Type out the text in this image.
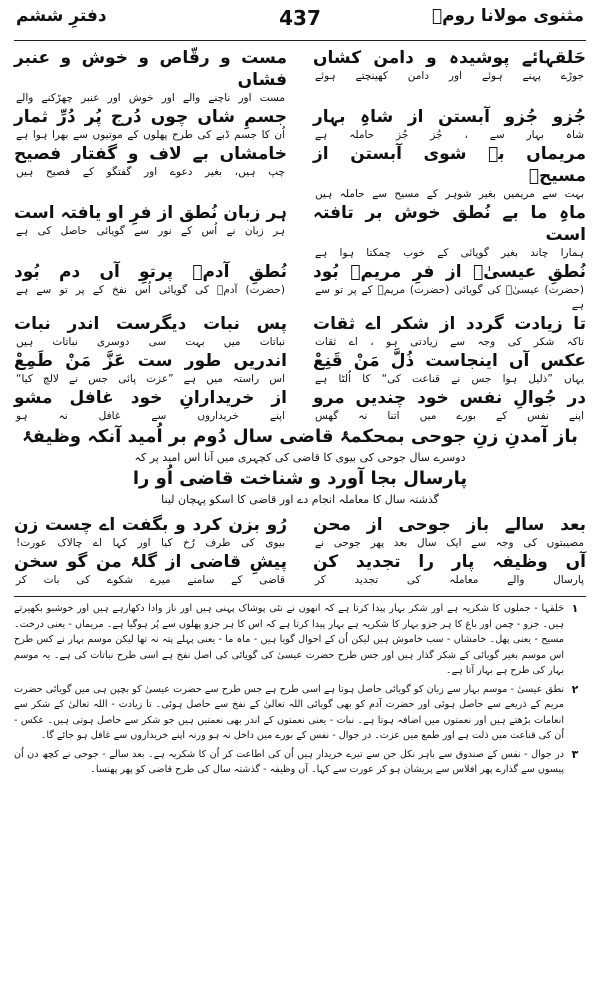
مثنوی مولانا رومؒ
437
دفترِ ششم
حَلقہائے پوشیدہ و دامن کشاں
جوڑے پہنے ہوئے اور دامن کھینچتے ہوئے
مست و رقّاص و خوش و عنبر فشاں
مست اور ناچنے والے اور خوش اور عنبر چھڑکنے والے
جُزو جُزو آبستن از شاہِ بہار
شاہ بہار سے ، جُز جُز حاملہ ہے
جسمِ شاں چوں دُرج پُر دُرِّ ثمار
اُن کا جسم ڈبے کی طرح پھلوں کے موتیوں سے بھرا ہوا ہے
مریماں بے شوی آبستن از مسیحؑ
بہت سے مریمیں بغیر شوہر کے مسیح سے حاملہ ہیں
خامشاں بے لاف و گفتار فصیح
چپ ہیں، بغیر دعوے اور گفتگو کے فصیح ہیں
ماہِ ما بے نُطق خوش بر تافتہ است
ہمارا چاند بغیر گویائی کے خوب چمکتا ہوا ہے
ہر زبان نُطق از فرِ او یافتہ است
ہر زبان نے اُس کے نور سے گویائی حاصل کی ہے
نُطقِ عیسیٰؑ از فرِ مریمؑ بُود
(حضرت) عیسیٰؑ کی گویائی (حضرت) مریمؑ کے پر تو سے ہے
نُطقِ آدمؑ پرتوِ آں دم بُود
(حضرت) آدمؑ کی گویائی اُس نفخ کے پر تو سے ہے
تا زیادت گردد از شکر اے ثقات
تاکہ شکر کی وجہ سے زیادتی ہو ، اے ثقات
پس نبات دیگرست اندر نبات
نباتات میں بہت سی دوسری نباتات ہیں
عکس آں اینجاست ذُلَّ مَنْ قَنِعْ
یہاں ”ذلیل ہوا جس نے قناعت کی“ کا اُلٹا ہے
اندریں طور ست عَزَّ مَنْ طَمِعْ
اس راستہ میں ہے ”عزت پائی جس نے لالچ کیا“
در جُوالِ نفس خود چندیں مرو
اپنے نفس کے بورے میں اتنا نہ گھس
از خریدارانِ خود غافل مشو
اپنے خریداروں سے غافل نہ ہو
باز آمدنِ زنِ جوحی بمحکمۂ قاضی سال دُوم بر اُمید آنکہ وظیفۂ
دوسرے سال جوحی کی بیوی کا قاضی کی کچہری میں آنا اس امید پر کہ
پارسال بجا آورد و شناخت قاضی اُو را
گذشتہ سال کا معاملہ انجام دے اور قاضی کا اسکو پہچان لینا
بعد سالے باز جوحی از محن
مصیبتوں کی وجہ سے ایک سال بعد پھر جوحی نے
رُو بزن کرد و بگفت اے چست زن
بیوی کی طرف رُخ کیا اور کہا اے چالاک عورت!
آں وظیفہ پار را تجدید کن
پارسال والے معاملہ کی تجدید کر
پیشِ قاضی از گلۂ من گو سخن
قاضی کے سامنے میرے شکوے کی بات کر
۱
حَلقہا - جملوں کا شکریہ ہے اور شکر بہار پیدا کرتا ہے کہ انھوں نے نئی پوشاک پہنی ہیں اور ناز وادا دکھارہے ہیں اور خوشبو بکھیرتے ہیں۔ جزو - چمن اور باغ کا ہر جزو بہار کا شکریہ ہے بہار پیدا کرتا ہے کہ اس کا ہر جزو پھلوں سے پُر ہوگیا ہے۔ مریماں - یعنی درخت۔ مسیح - یعنی پھل۔ خامشاں - سب خاموش ہیں لیکن اُن کے احوال گویا ہیں - ماہ ما - یعنی پہلے پتہ نہ تھا لیکن موسم بہار نے کس طرح اس موسم بغیر گویائی کے شکر گذار ہیں اور جس طرح حضرت عیسیٰ کی گویائی کی اصل نفخ ہے اسی طرح نباتات کی ہے۔ یہ موسم بہار کی طرح ہے بہار آتا ہے۔
۲
نطق عیسیٰ - موسم بہار سے زبان کو گویائی حاصل ہوتا ہے اسی طرح ہے جس طرح سے حضرت عیسیٰ کو بچپن ہی میں گویائی حضرت مریم کے ذریعے سے حاصل ہوئی اور حضرت آدم کو بھی گویائی اللہ تعالیٰ کے نفخ سے حاصل ہوئی۔ تا زیادت - اللہ تعالیٰ کے شکر سے انعامات بڑھتے ہیں اور نعمتوں میں اضافہ ہوتا ہے۔ نبات - یعنی نعمتوں کے اندر بھی نعمتیں ہیں جو شکر سے حاصل ہوتی ہیں۔ عکس - اُن کی قناعت میں ذلت ہے اور طمع میں عزت۔ در جوال - نفس کے بورے میں داخل نہ ہو ورنہ اپنے خریداروں سے غافل ہو جائے گا۔
۳
در جوال - نفس کے صندوق سے باہر نکل جن سے تیرے خریدار ہیں اُن کی اطاعت کر اُن کا شکریہ ہے۔ بعد سالے - جوحی نے کچھ دن اُن پیسوں سے گذارے پھر افلاس سے پریشان ہو کر عورت سے کہا۔ آں وظیفہ - گذشتہ سال کی طرح قاضی کو پھر پھنسا۔
